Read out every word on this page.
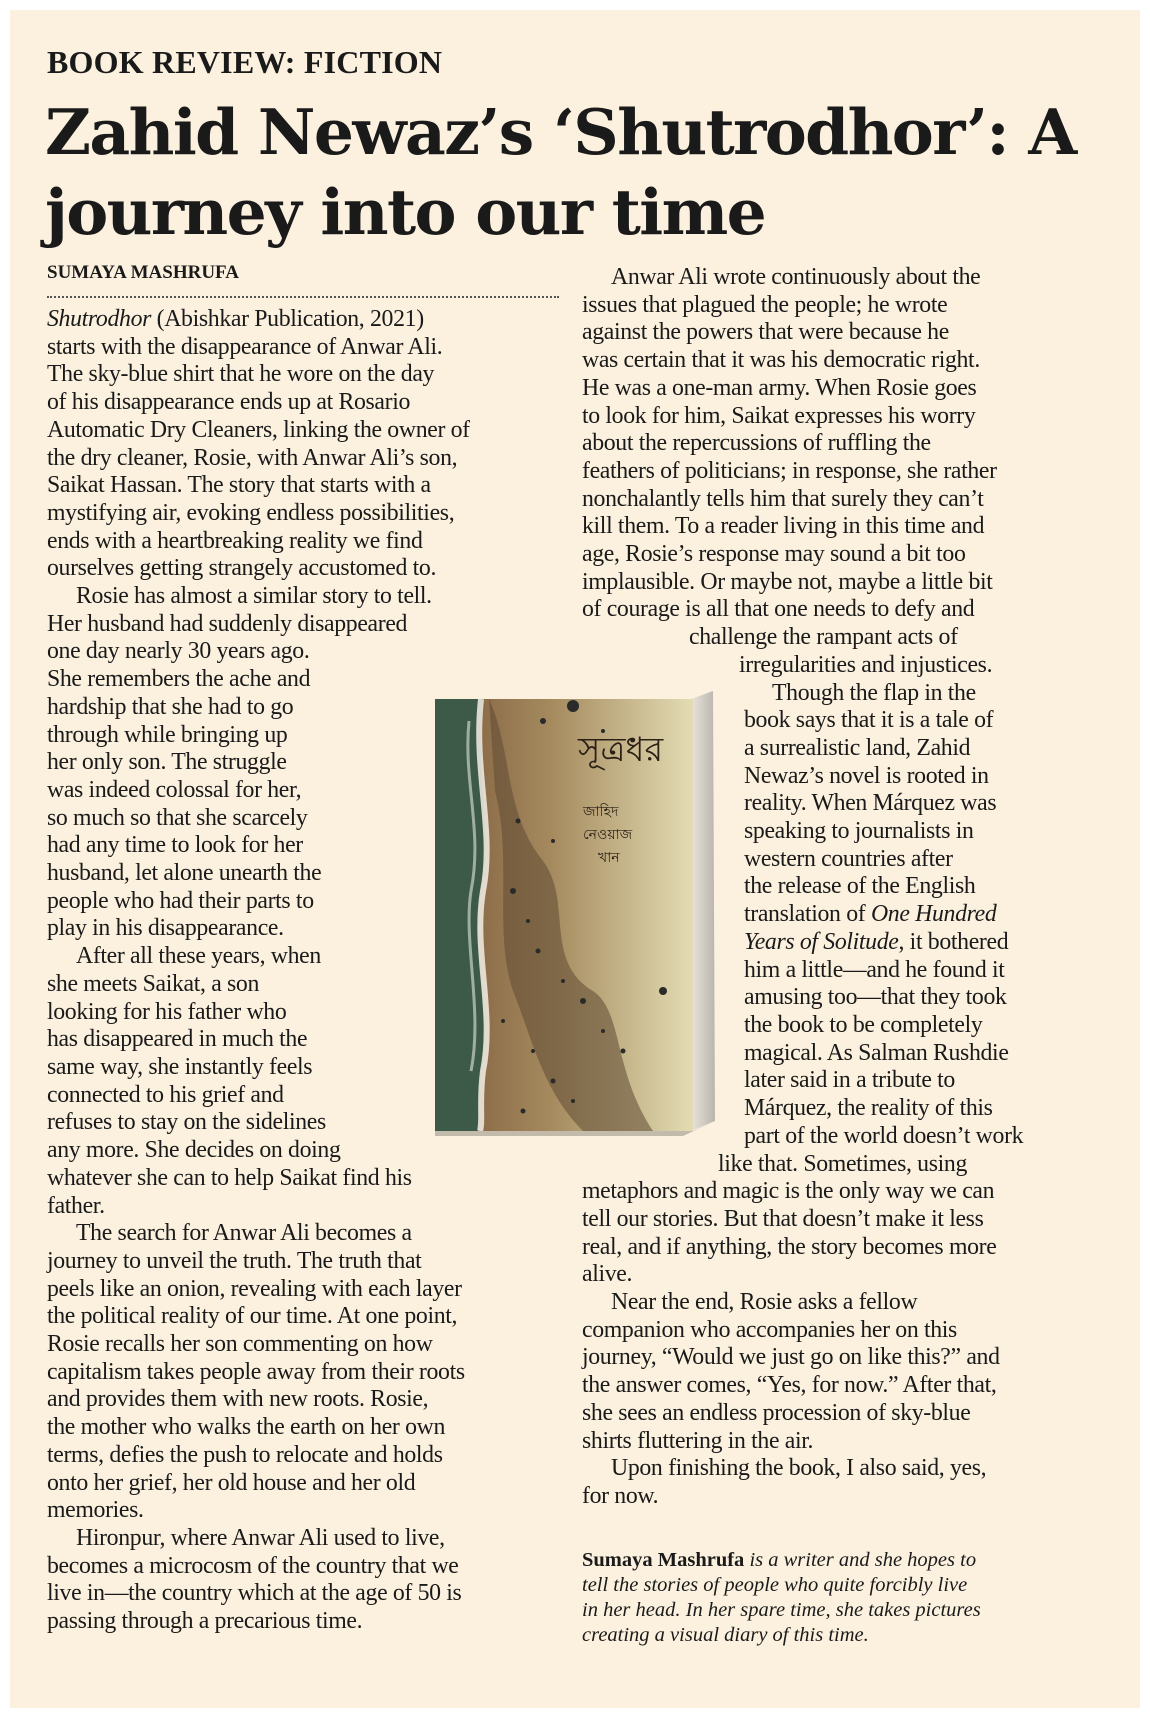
BOOK REVIEW: FICTION
Zahid Newaz’s ‘Shutrodhor’: A journey into our time
SUMAYA MASHRUFA
Shutrodhor (Abishkar Publication, 2021)
starts with the disappearance of Anwar Ali.
The sky-blue shirt that he wore on the day
of his disappearance ends up at Rosario
Automatic Dry Cleaners, linking the owner of
the dry cleaner, Rosie, with Anwar Ali’s son,
Saikat Hassan. The story that starts with a
mystifying air, evoking endless possibilities,
ends with a heartbreaking reality we find
ourselves getting strangely accustomed to.
Rosie has almost a similar story to tell.
Her husband had suddenly disappeared
one day nearly 30 years ago.
She remembers the ache and
hardship that she had to go
through while bringing up
her only son. The struggle
was indeed colossal for her,
so much so that she scarcely
had any time to look for her
husband, let alone unearth the
people who had their parts to
play in his disappearance.
After all these years, when
she meets Saikat, a son
looking for his father who
has disappeared in much the
same way, she instantly feels
connected to his grief and
refuses to stay on the sidelines
any more. She decides on doing
whatever she can to help Saikat find his
father.
The search for Anwar Ali becomes a
journey to unveil the truth. The truth that
peels like an onion, revealing with each layer
the political reality of our time. At one point,
Rosie recalls her son commenting on how
capitalism takes people away from their roots
and provides them with new roots. Rosie,
the mother who walks the earth on her own
terms, defies the push to relocate and holds
onto her grief, her old house and her old
memories.
Hironpur, where Anwar Ali used to live,
becomes a microcosm of the country that we
live in—the country which at the age of 50 is
passing through a precarious time.
Anwar Ali wrote continuously about the
issues that plagued the people; he wrote
against the powers that were because he
was certain that it was his democratic right.
He was a one-man army. When Rosie goes
to look for him, Saikat expresses his worry
about the repercussions of ruffling the
feathers of politicians; in response, she rather
nonchalantly tells him that surely they can’t
kill them. To a reader living in this time and
age, Rosie’s response may sound a bit too
implausible. Or maybe not, maybe a little bit
of courage is all that one needs to defy and
challenge the rampant acts of
irregularities and injustices.
Though the flap in the
book says that it is a tale of
a surrealistic land, Zahid
Newaz’s novel is rooted in
reality. When Márquez was
speaking to journalists in
western countries after
the release of the English
translation of One Hundred
Years of Solitude, it bothered
him a little—and he found it
amusing too—that they took
the book to be completely
magical. As Salman Rushdie
later said in a tribute to
Márquez, the reality of this
part of the world doesn’t work
like that. Sometimes, using
metaphors and magic is the only way we can
tell our stories. But that doesn’t make it less
real, and if anything, the story becomes more
alive.
Near the end, Rosie asks a fellow
companion who accompanies her on this
journey, “Would we just go on like this?” and
the answer comes, “Yes, for now.” After that,
she sees an endless procession of sky-blue
shirts fluttering in the air.
Upon finishing the book, I also said, yes,
for now.
সূত্রধর
জাহিদ
নেওয়াজ
খান
Sumaya Mashrufa is a writer and she hopes to
tell the stories of people who quite forcibly live
in her head. In her spare time, she takes pictures
creating a visual diary of this time.
